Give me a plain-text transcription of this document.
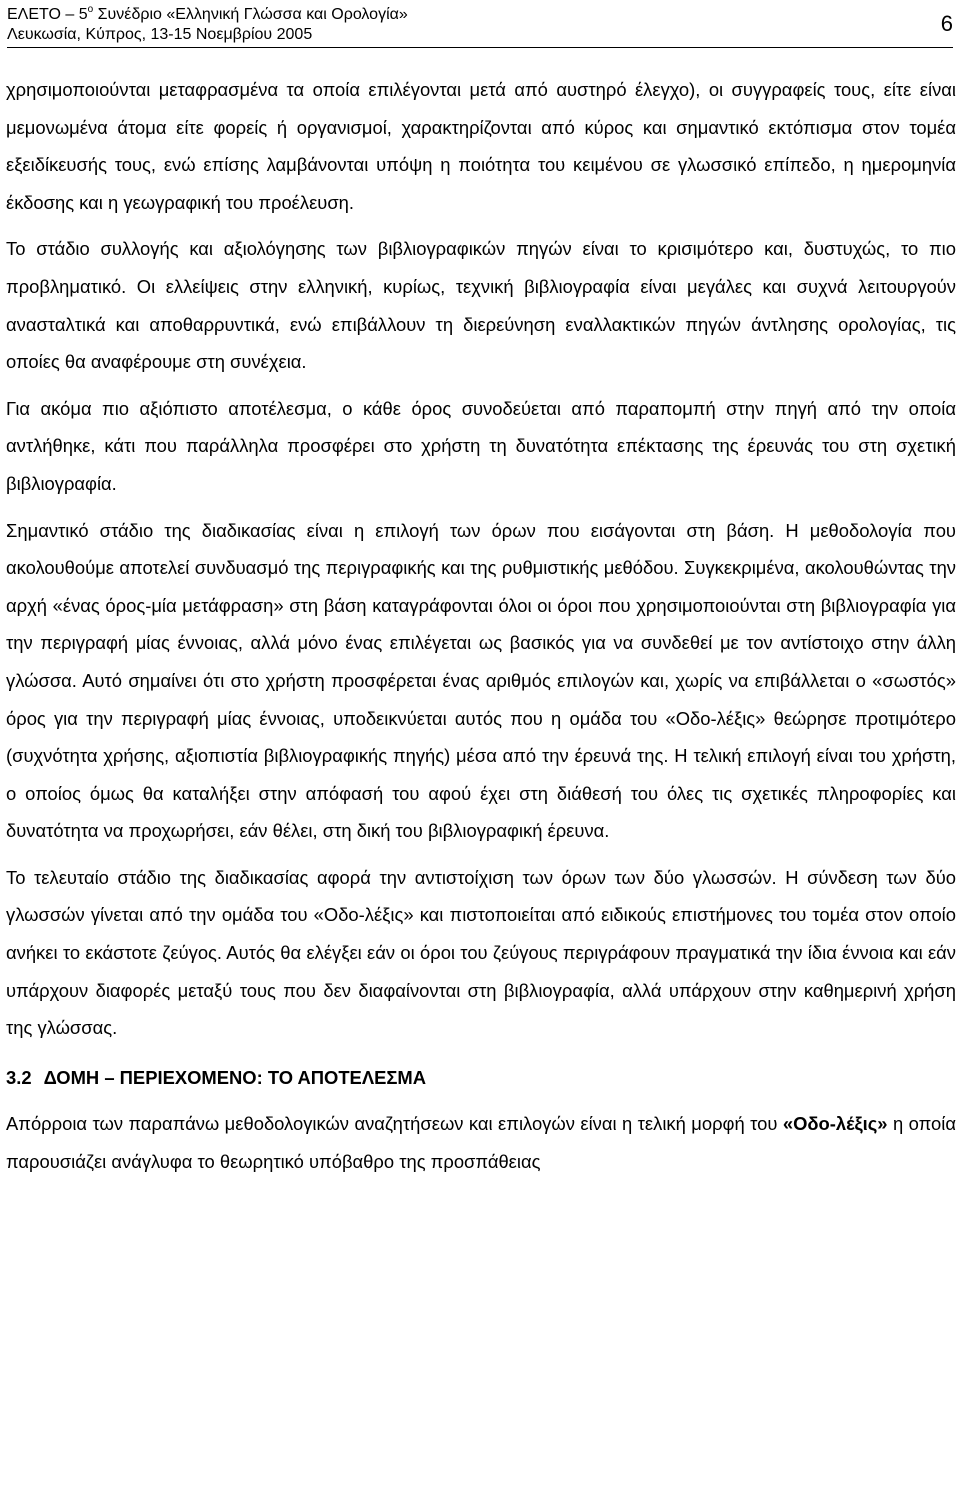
ΕΛΕΤΟ – $5^o$ Συνέδριο «Ελληνική Γλώσσα και Ορολογία»
Λευκωσία, Κύπρος, 13-15 Νοεμβρίου 2005	6

χρησιμοποιούνται μεταφρασμένα τα οποία επιλέγονται μετά από αυστηρό έλεγχο), οι συγγραφείς τους, είτε είναι μεμονωμένα άτομα είτε φορείς ή οργανισμοί, χαρακτηρίζονται από κύρος και σημαντικό εκτόπισμα στον τομέα εξειδίκευσής τους, ενώ επίσης λαμβάνονται υπόψη η ποιότητα του κειμένου σε γλωσσικό επίπεδο, η ημερομηνία έκδοσης και η γεωγραφική του προέλευση.

Το στάδιο συλλογής και αξιολόγησης των βιβλιογραφικών πηγών είναι το κρισιμότερο και, δυστυχώς, το πιο προβληματικό. Οι ελλείψεις στην ελληνική, κυρίως, τεχνική βιβλιογραφία είναι μεγάλες και συχνά λειτουργούν ανασταλτικά και αποθαρρυντικά, ενώ επιβάλλουν τη διερεύνηση εναλλακτικών πηγών άντλησης ορολογίας, τις οποίες θα αναφέρουμε στη συνέχεια.

Για ακόμα πιο αξιόπιστο αποτέλεσμα, ο κάθε όρος συνοδεύεται από παραπομπή στην πηγή από την οποία αντλήθηκε, κάτι που παράλληλα προσφέρει στο χρήστη τη δυνατότητα επέκτασης της έρευνάς του στη σχετική βιβλιογραφία.

Σημαντικό στάδιο της διαδικασίας είναι η επιλογή των όρων που εισάγονται στη βάση. Η μεθοδολογία που ακολουθούμε αποτελεί συνδυασμό της περιγραφικής και της ρυθμιστικής μεθόδου. Συγκεκριμένα, ακολουθώντας την αρχή «ένας όρος-μία μετάφραση» στη βάση καταγράφονται όλοι οι όροι που χρησιμοποιούνται στη βιβλιογραφία για την περιγραφή μίας έννοιας, αλλά μόνο ένας επιλέγεται ως βασικός για να συνδεθεί με τον αντίστοιχο στην άλλη γλώσσα. Αυτό σημαίνει ότι στο χρήστη προσφέρεται ένας αριθμός επιλογών και, χωρίς να επιβάλλεται ο «σωστός» όρος για την περιγραφή μίας έννοιας, υποδεικνύεται αυτός που η ομάδα του «Οδο-λέξις» θεώρησε προτιμότερο (συχνότητα χρήσης, αξιοπιστία βιβλιογραφικής πηγής) μέσα από την έρευνά της. Η τελική επιλογή είναι του χρήστη, ο οποίος όμως θα καταλήξει στην απόφασή του αφού έχει στη διάθεσή του όλες τις σχετικές πληροφορίες και δυνατότητα να προχωρήσει, εάν θέλει, στη δική του βιβλιογραφική έρευνα.

Το τελευταίο στάδιο της διαδικασίας αφορά την αντιστοίχιση των όρων των δύο γλωσσών. Η σύνδεση των δύο γλωσσών γίνεται από την ομάδα του «Οδο-λέξις» και πιστοποιείται από ειδικούς επιστήμονες του τομέα στον οποίο ανήκει το εκάστοτε ζεύγος. Αυτός θα ελέγξει εάν οι όροι του ζεύγους περιγράφουν πραγματικά την ίδια έννοια και εάν υπάρχουν διαφορές μεταξύ τους που δεν διαφαίνονται στη βιβλιογραφία, αλλά υπάρχουν στην καθημερινή χρήση της γλώσσας.

3.2 ΔΟΜΗ – ΠΕΡΙΕΧΟΜΕΝΟ: ΤΟ ΑΠΟΤΕΛΕΣΜΑ

Απόρροια των παραπάνω μεθοδολογικών αναζητήσεων και επιλογών είναι η τελική μορφή του «Οδο-λέξις» η οποία παρουσιάζει ανάγλυφα το θεωρητικό υπόβαθρο της προσπάθειας
